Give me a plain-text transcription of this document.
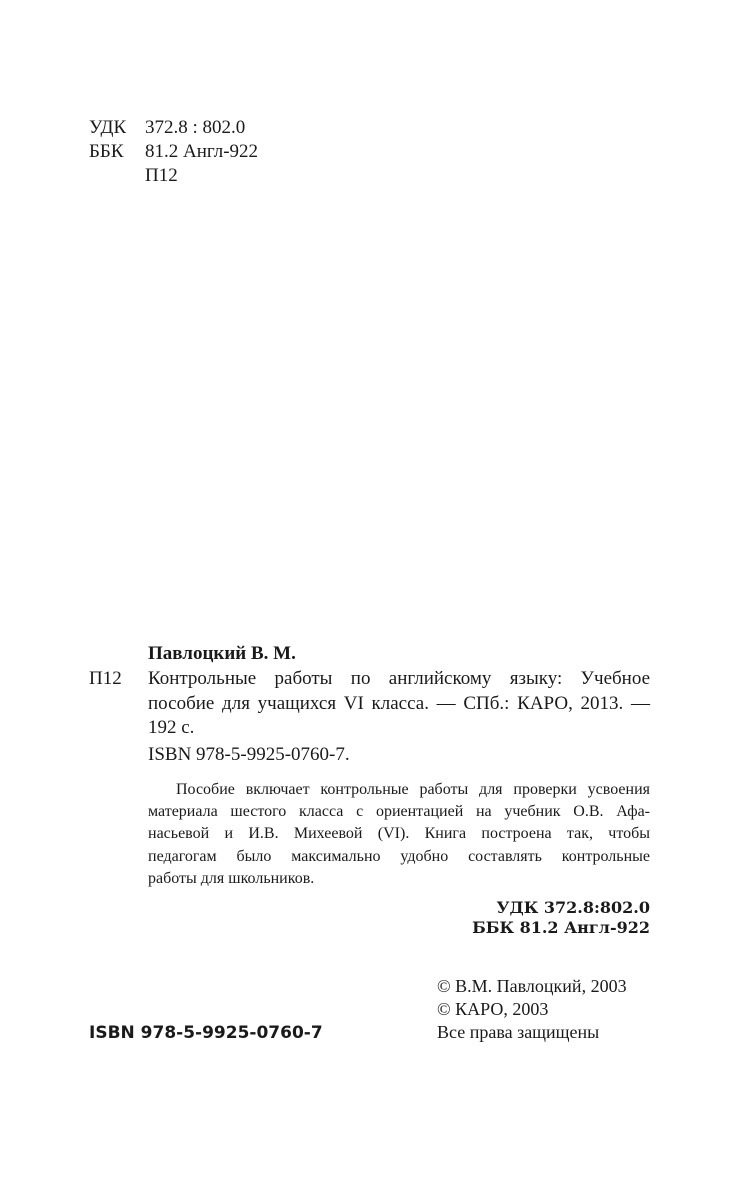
УДК 372.8 : 802.0
ББК 81.2 Англ-922
П12
Павлоцкий В. М.
П12 Контрольные работы по английскому языку: Учебное
пособие для учащихся VI класса. — СПб.: КАРО, 2013. —
192 с.
ISBN 978-5-9925-0760-7.
Пособие включает контрольные работы для проверки усвоения
материала шестого класса с ориентацией на учебник О.В. Афа-
насьевой и И.В. Михеевой (VI). Книга построена так, чтобы
педагогам было максимально удобно составлять контрольные
работы для школьников.
УДК 372.8:802.0
ББК 81.2 Англ-922
© В.М. Павлоцкий, 2003
© КАРО, 2003
Все права защищены
ISBN 978-5-9925-0760-7
